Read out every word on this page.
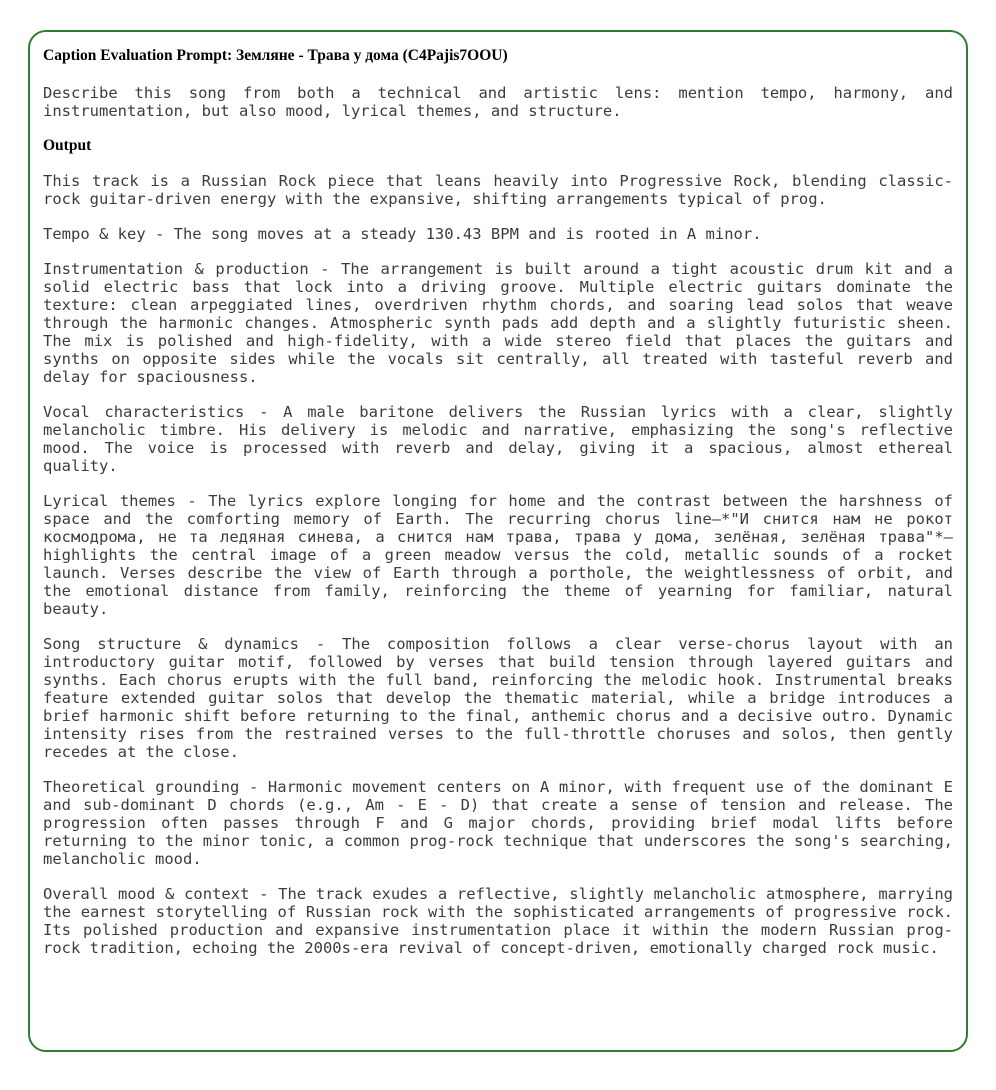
Caption Evaluation Prompt: Земляне - Трава у дома (C4Pajis7OOU)

Describe this song from both a technical and artistic lens: mention tempo, harmony, and instrumentation, but also mood, lyrical themes, and structure.

Output

This track is a Russian Rock piece that leans heavily into Progressive Rock, blending classic-rock guitar-driven energy with the expansive, shifting arrangements typical of prog.

Tempo & key - The song moves at a steady 130.43 BPM and is rooted in A minor.

Instrumentation & production - The arrangement is built around a tight acoustic drum kit and a solid electric bass that lock into a driving groove. Multiple electric guitars dominate the texture: clean arpeggiated lines, overdriven rhythm chords, and soaring lead solos that weave through the harmonic changes. Atmospheric synth pads add depth and a slightly futuristic sheen. The mix is polished and high-fidelity, with a wide stereo field that places the guitars and synths on opposite sides while the vocals sit centrally, all treated with tasteful reverb and delay for spaciousness.

Vocal characteristics - A male baritone delivers the Russian lyrics with a clear, slightly melancholic timbre. His delivery is melodic and narrative, emphasizing the song's reflective mood. The voice is processed with reverb and delay, giving it a spacious, almost ethereal quality.

Lyrical themes - The lyrics explore longing for home and the contrast between the harshness of space and the comforting memory of Earth. The recurring chorus line—*"И снится нам не рокот космодрома, не та ледяная синева, а снится нам трава, трава у дома, зелёная, зелёная трава"*—highlights the central image of a green meadow versus the cold, metallic sounds of a rocket launch. Verses describe the view of Earth through a porthole, the weightlessness of orbit, and the emotional distance from family, reinforcing the theme of yearning for familiar, natural beauty.

Song structure & dynamics - The composition follows a clear verse-chorus layout with an introductory guitar motif, followed by verses that build tension through layered guitars and synths. Each chorus erupts with the full band, reinforcing the melodic hook. Instrumental breaks feature extended guitar solos that develop the thematic material, while a bridge introduces a brief harmonic shift before returning to the final, anthemic chorus and a decisive outro. Dynamic intensity rises from the restrained verses to the full-throttle choruses and solos, then gently recedes at the close.

Theoretical grounding - Harmonic movement centers on A minor, with frequent use of the dominant E and sub-dominant D chords (e.g., Am - E - D) that create a sense of tension and release. The progression often passes through F and G major chords, providing brief modal lifts before returning to the minor tonic, a common prog-rock technique that underscores the song's searching, melancholic mood.

Overall mood & context - The track exudes a reflective, slightly melancholic atmosphere, marrying the earnest storytelling of Russian rock with the sophisticated arrangements of progressive rock. Its polished production and expansive instrumentation place it within the modern Russian prog-rock tradition, echoing the 2000s-era revival of concept-driven, emotionally charged rock music.
